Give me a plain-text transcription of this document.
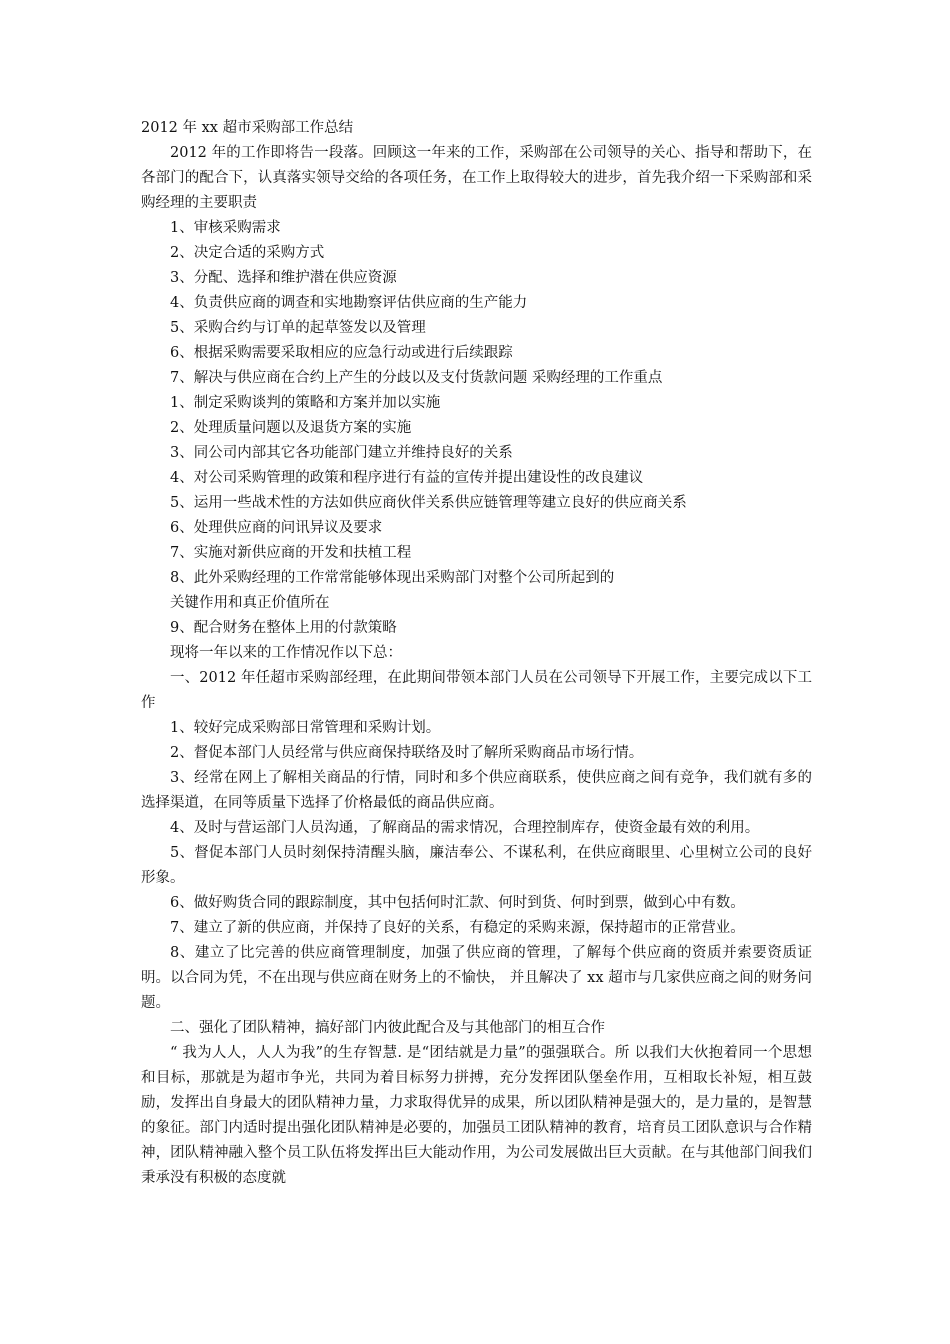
2012 年 xx 超市采购部工作总结

2012 年的工作即将告一段落。回顾这一年来的工作，采购部在公司领导的关心、指导和帮助下，在各部门的配合下，认真落实领导交给的各项任务，在工作上取得较大的进步，首先我介绍一下采购部和采购经理的主要职责

1、审核采购需求

2、决定合适的采购方式

3、分配、选择和维护潜在供应资源

4、负责供应商的调查和实地勘察评估供应商的生产能力

5、采购合约与订单的起草签发以及管理

6、根据采购需要采取相应的应急行动或进行后续跟踪

7、解决与供应商在合约上产生的分歧以及支付货款问题 采购经理的工作重点

1、制定采购谈判的策略和方案并加以实施

2、处理质量问题以及退货方案的实施

3、同公司内部其它各功能部门建立并维持良好的关系

4、对公司采购管理的政策和程序进行有益的宣传并提出建设性的改良建议

5、运用一些战术性的方法如供应商伙伴关系供应链管理等建立良好的供应商关系

6、处理供应商的问讯异议及要求

7、实施对新供应商的开发和扶植工程

8、此外采购经理的工作常常能够体现出采购部门对整个公司所起到的

关键作用和真正价值所在

9、配合财务在整体上用的付款策略

现将一年以来的工作情况作以下总：

一、2012 年任超市采购部经理，在此期间带领本部门人员在公司领导下开展工作，主要完成以下工作

1、较好完成采购部日常管理和采购计划。

2、督促本部门人员经常与供应商保持联络及时了解所采购商品市场行情。

3、经常在网上了解相关商品的行情，同时和多个供应商联系，使供应商之间有竞争，我们就有多的选择渠道，在同等质量下选择了价格最低的商品供应商。

4、及时与营运部门人员沟通，了解商品的需求情况，合理控制库存，使资金最有效的利用。

5、督促本部门人员时刻保持清醒头脑，廉洁奉公、不谋私利，在供应商眼里、心里树立公司的良好形象。

6、做好购货合同的跟踪制度，其中包括何时汇款、何时到货、何时到票，做到心中有数。

7、建立了新的供应商，并保持了良好的关系，有稳定的采购来源，保持超市的正常营业。

8、建立了比完善的供应商管理制度，加强了供应商的管理，了解每个供应商的资质并索要资质证明。以合同为凭，不在出现与供应商在财务上的不愉快， 并且解决了 xx 超市与几家供应商之间的财务问题。

二、强化了团队精神，搞好部门内彼此配合及与其他部门的相互合作

“ 我为人人，人人为我”的生存智慧. 是“团结就是力量”的强强联合。所 以我们大伙抱着同一个思想和目标，那就是为超市争光，共同为着目标努力拼搏，充分发挥团队堡垒作用，互相取长补短，相互鼓励，发挥出自身最大的团队精神力量，力求取得优异的成果，所以团队精神是强大的，是力量的，是智慧的象征。部门内适时提出强化团队精神是必要的，加强员工团队精神的教育，培育员工团队意识与合作精神，团队精神融入整个员工队伍将发挥出巨大能动作用，为公司发展做出巨大贡献。在与其他部门间我们秉承没有积极的态度就
